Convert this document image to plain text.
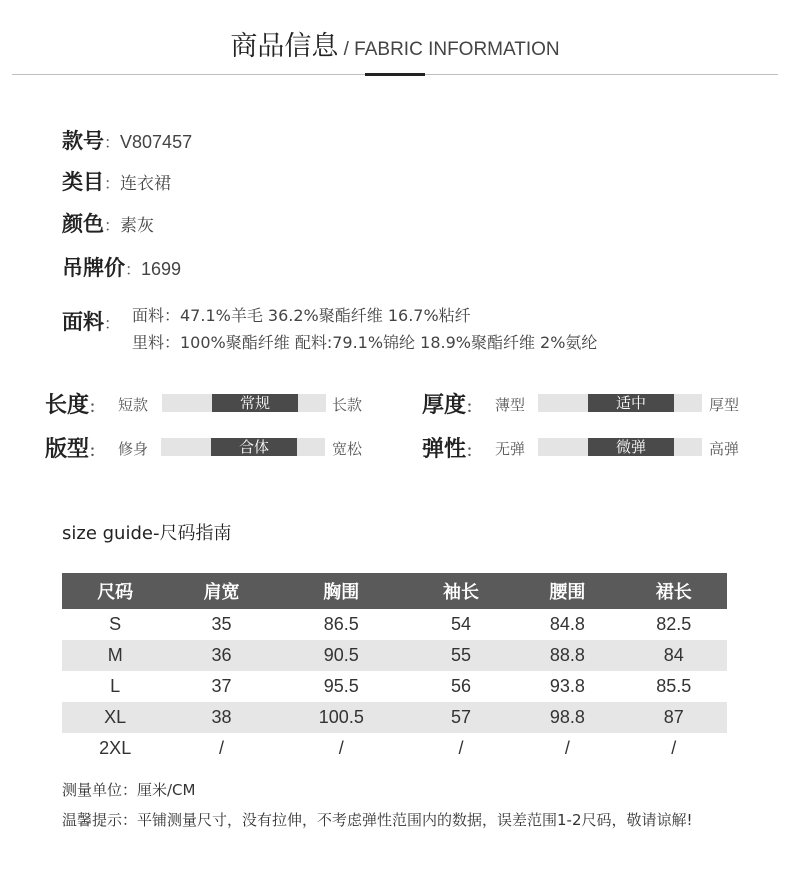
商品信息 / FABRIC INFORMATION
款号：V807457
类目：连衣裙
颜色：素灰
吊牌价：1699
面料： 面料：47.1%羊毛 36.2%聚酯纤维 16.7%粘纤
里料：100%聚酯纤维 配料:79.1%锦纶 18.9%聚酯纤维 2%氨纶
长度： 短款	常规	长款	厚度： 薄型	适中	厚型
版型： 修身	合体	宽松	弹性： 无弹	微弹	高弹
size guide-尺码指南
尺码	肩宽	胸围	袖长	腰围	裙长
S	35	86.5	54	84.8	82.5
M	36	90.5	55	88.8	84
L	37	95.5	56	93.8	85.5
XL	38	100.5	57	98.8	87
2XL	/	/	/	/	/
测量单位：厘米/CM
温馨提示：平铺测量尺寸，没有拉伸，不考虑弹性范围内的数据，误差范围1-2尺码，敬请谅解!
